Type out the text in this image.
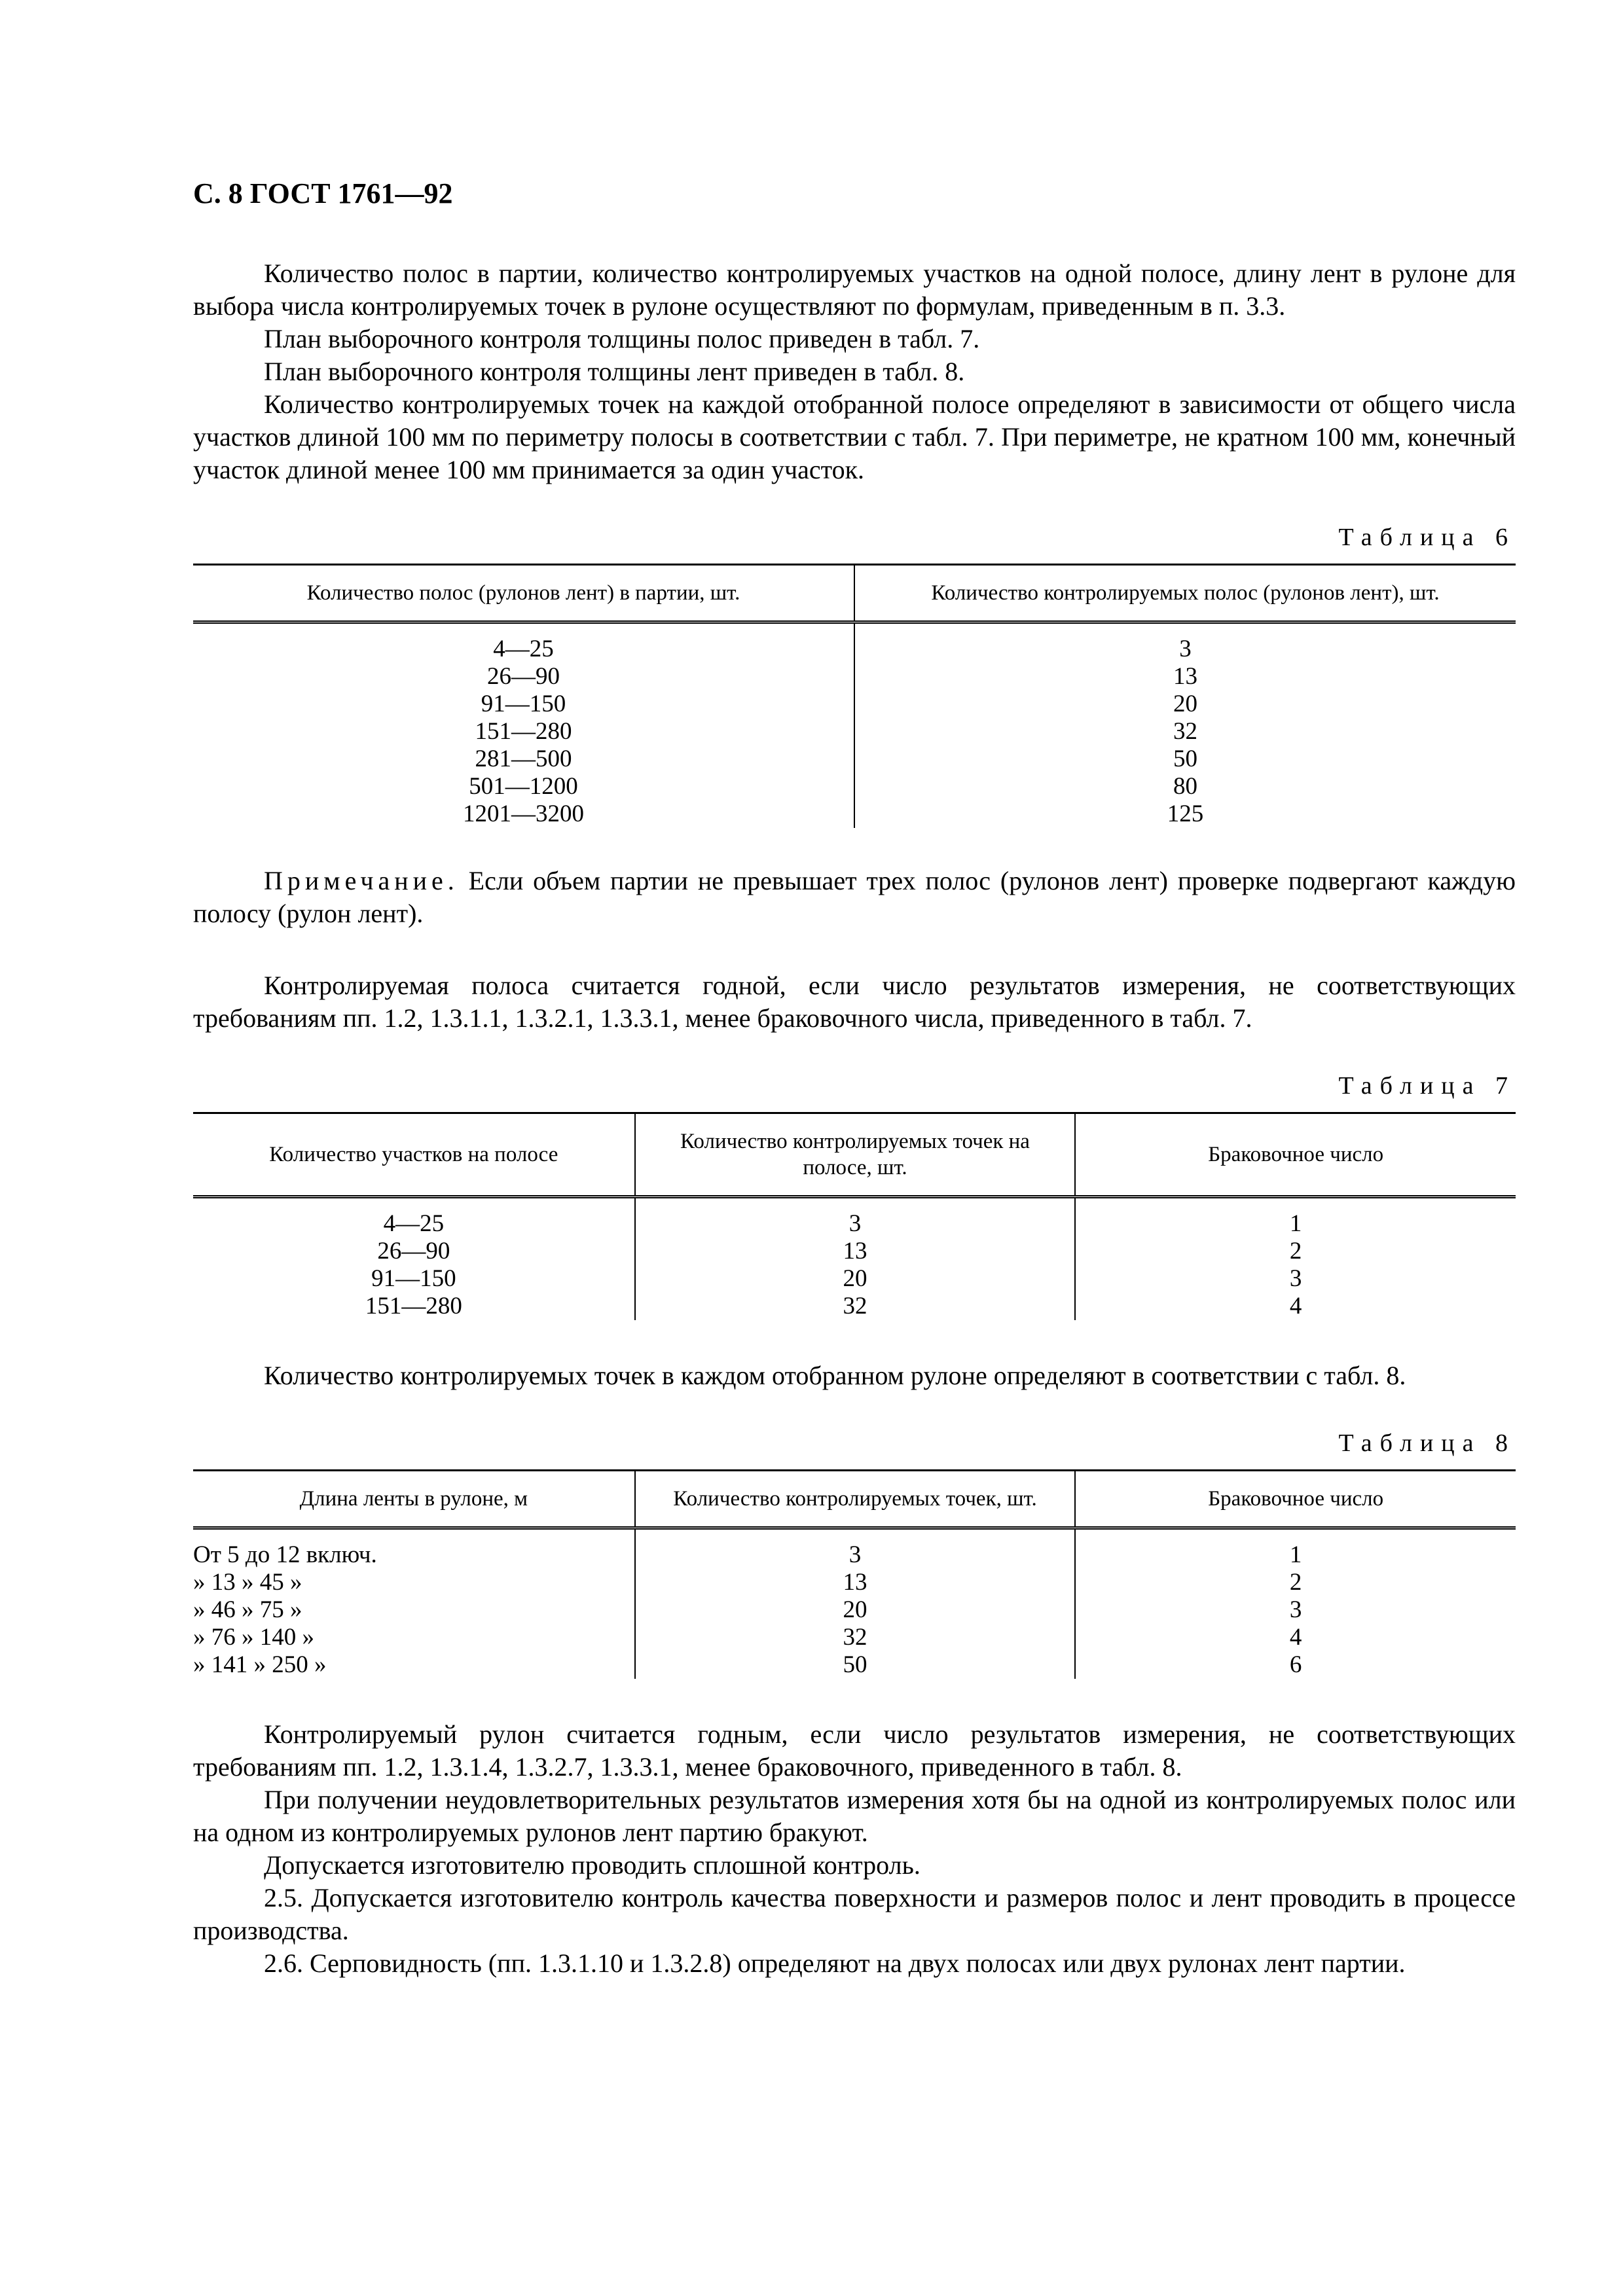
С. 8 ГОСТ 1761—92

Количество полос в партии, количество контролируемых участков на одной полосе, длину лент в рулоне для выбора числа контролируемых точек в рулоне осуществляют по формулам, приведенным в п. 3.3.

План выборочного контроля толщины полос приведен в табл. 7.

План выборочного контроля толщины лент приведен в табл. 8.

Количество контролируемых точек на каждой отобранной полосе определяют в зависимости от общего числа участков длиной 100 мм по периметру полосы в соответствии с табл. 7. При периметре, не кратном 100 мм, конечный участок длиной менее 100 мм принимается за один участок.

Таблица 6
Количество полос (рулонов лент) в партии, шт.	Количество контролируемых полос (рулонов лент), шт.
4—25	3
26—90	13
91—150	20
151—280	32
281—500	50
501—1200	80
1201—3200	125

Примечание. Если объем партии не превышает трех полос (рулонов лент) проверке подвергают каждую полосу (рулон лент).

Контролируемая полоса считается годной, если число результатов измерения, не соответствующих требованиям пп. 1.2, 1.3.1.1, 1.3.2.1, 1.3.3.1, менее браковочного числа, приведенного в табл. 7.

Таблица 7
Количество участков на полосе	Количество контролируемых точек на полосе, шт.	Браковочное число
4—25	3	1
26—90	13	2
91—150	20	3
151—280	32	4

Количество контролируемых точек в каждом отобранном рулоне определяют в соответствии с табл. 8.

Таблица 8
Длина ленты в рулоне, м	Количество контролируемых точек, шт.	Браковочное число
От 5 до 12 включ.	3	1
» 13 » 45 »	13	2
» 46 » 75 »	20	3
» 76 » 140 »	32	4
» 141 » 250 »	50	6

Контролируемый рулон считается годным, если число результатов измерения, не соответствующих требованиям пп. 1.2, 1.3.1.4, 1.3.2.7, 1.3.3.1, менее браковочного, приведенного в табл. 8.

При получении неудовлетворительных результатов измерения хотя бы на одной из контролируемых полос или на одном из контролируемых рулонов лент партию бракуют.

Допускается изготовителю проводить сплошной контроль.

2.5. Допускается изготовителю контроль качества поверхности и размеров полос и лент проводить в процессе производства.

2.6. Серповидность (пп. 1.3.1.10 и 1.3.2.8) определяют на двух полосах или двух рулонах лент партии.
